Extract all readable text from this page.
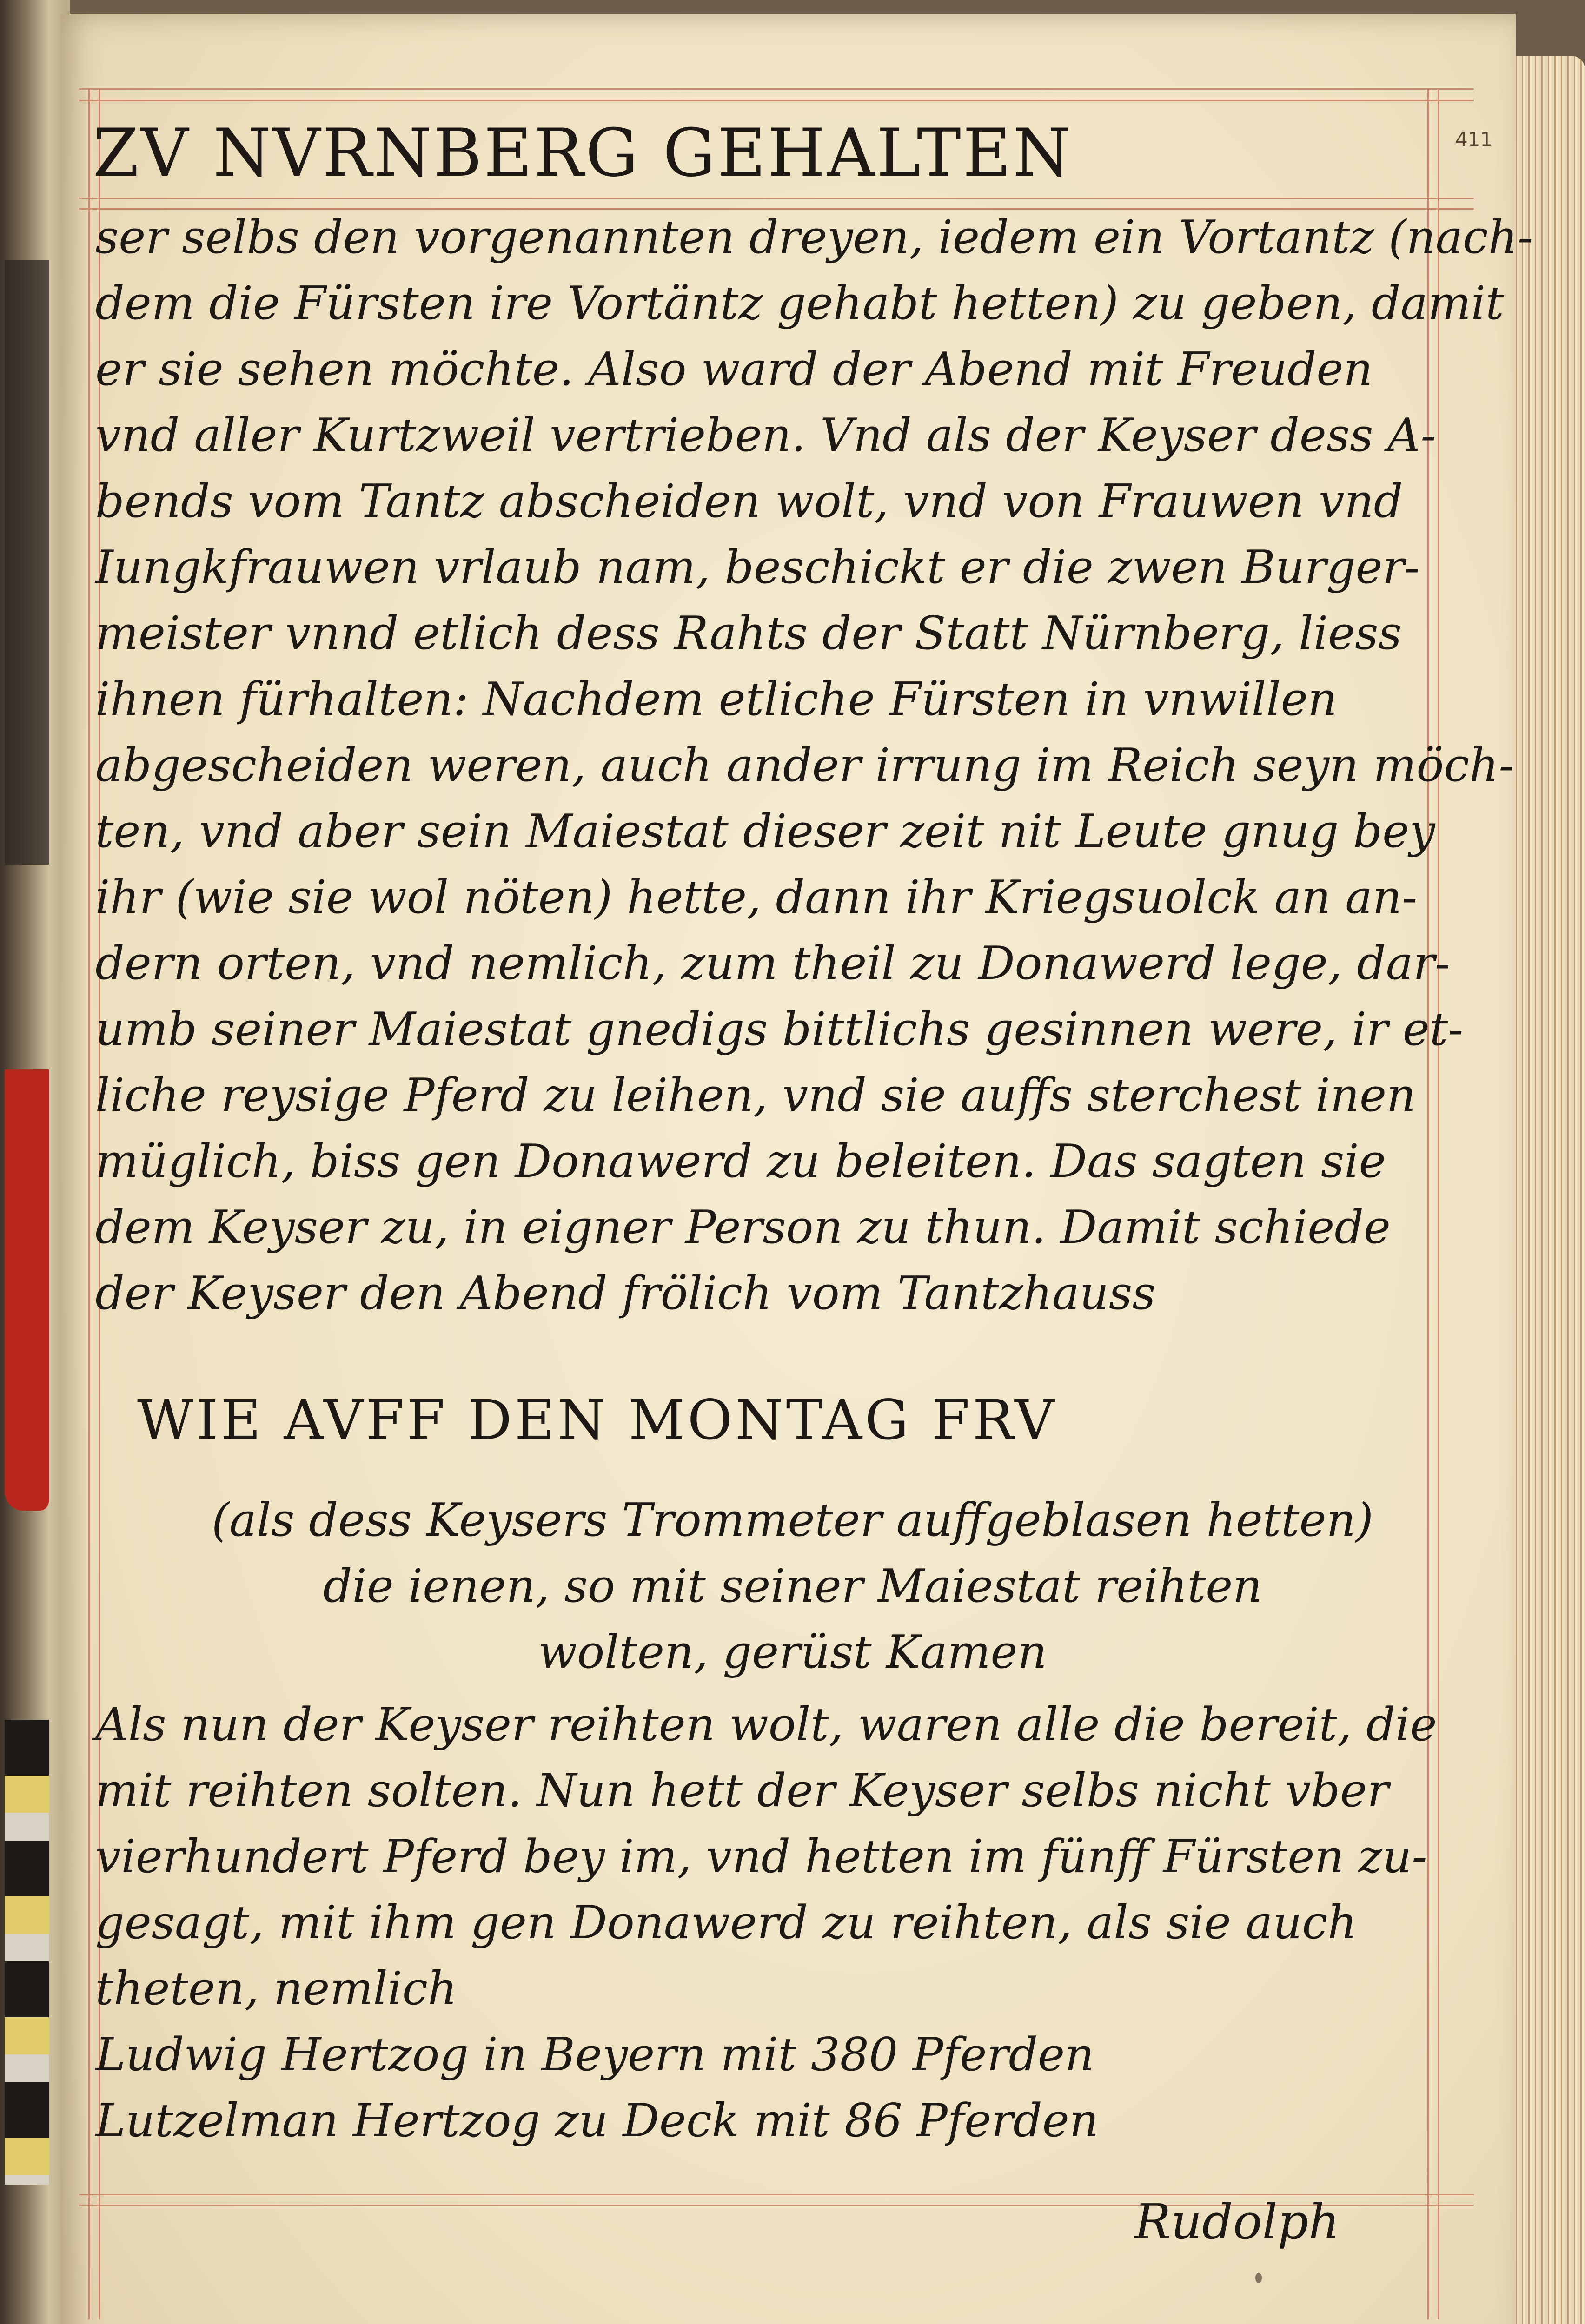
411
ZV NVRNBERG GEHALTEN
ser selbs den vorgenannten dreyen, iedem ein Vortantz (nach-
dem die Fürsten ire Vortäntz gehabt hetten) zu geben, damit
er sie sehen möchte. Also ward der Abend mit Freuden
vnd aller Kurtzweil vertrieben. Vnd als der Keyser dess A-
bends vom Tantz abscheiden wolt, vnd von Frauwen vnd
Iungkfrauwen vrlaub nam, beschickt er die zwen Burger-
meister vnnd etlich dess Rahts der Statt Nürnberg, liess
ihnen fürhalten: Nachdem etliche Fürsten in vnwillen
abgescheiden weren, auch ander irrung im Reich seyn möch-
ten, vnd aber sein Maiestat dieser zeit nit Leute gnug bey
ihr (wie sie wol nöten) hette, dann ihr Kriegsuolck an an-
dern orten, vnd nemlich, zum theil zu Donawerd lege, dar-
umb seiner Maiestat gnedigs bittlichs gesinnen were, ir et-
liche reysige Pferd zu leihen, vnd sie auffs sterchest inen
müglich, biss gen Donawerd zu beleiten. Das sagten sie
dem Keyser zu, in eigner Person zu thun. Damit schiede
der Keyser den Abend frölich vom Tantzhauss
WIE AVFF DEN MONTAG FRV
(als dess Keysers Trommeter auffgeblasen hetten)
die ienen, so mit seiner Maiestat reihten
wolten, gerüst Kamen
Als nun der Keyser reihten wolt, waren alle die bereit, die
mit reihten solten. Nun hett der Keyser selbs nicht vber
vierhundert Pferd bey im, vnd hetten im fünff Fürsten zu-
gesagt, mit ihm gen Donawerd zu reihten, als sie auch
theten, nemlich
Ludwig Hertzog in Beyern mit 380 Pferden
Lutzelman Hertzog zu Deck mit 86 Pferden
Rudolph
